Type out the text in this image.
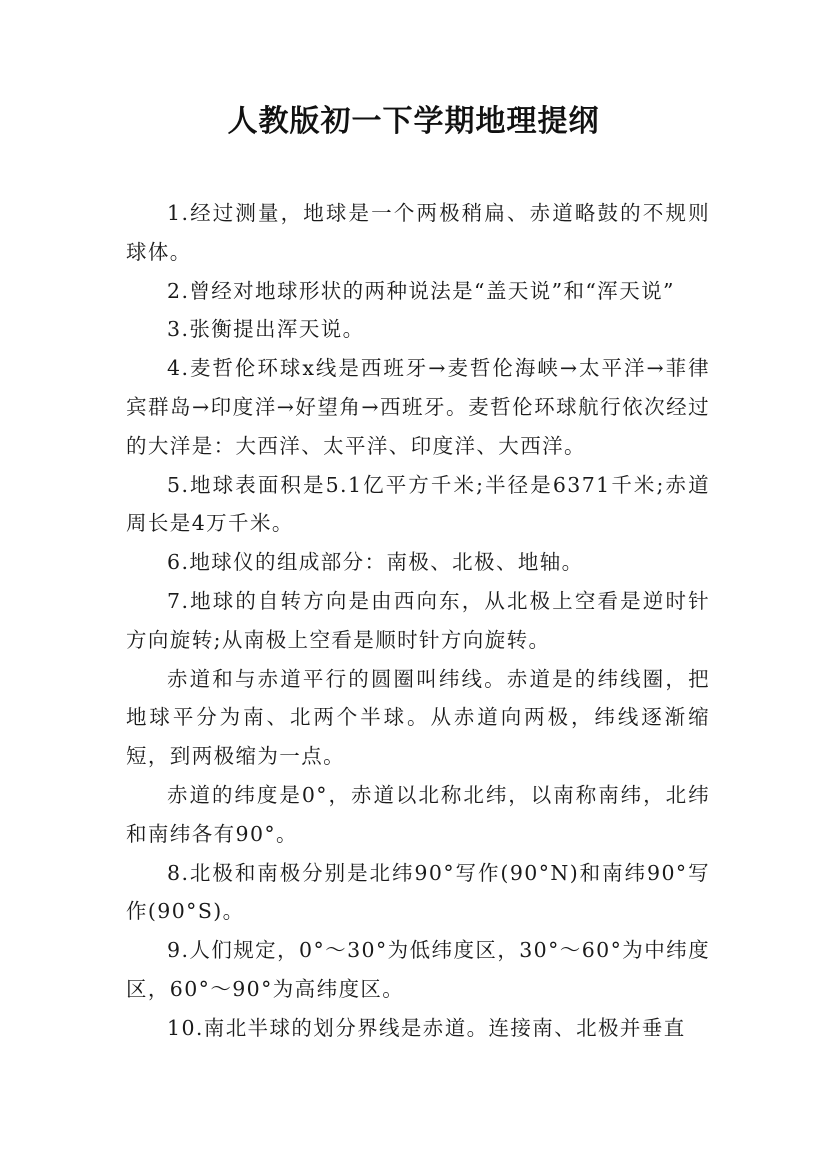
人教版初一下学期地理提纲

1.经过测量，地球是一个两极稍扁、赤道略鼓的不规则球体。

2.曾经对地球形状的两种说法是“盖天说”和“浑天说”

3.张衡提出浑天说。

4.麦哲伦环球x线是西班牙→麦哲伦海峡→太平洋→菲律宾群岛→印度洋→好望角→西班牙。麦哲伦环球航行依次经过的大洋是：大西洋、太平洋、印度洋、大西洋。

5.地球表面积是5.1亿平方千米;半径是6371千米;赤道周长是4万千米。

6.地球仪的组成部分：南极、北极、地轴。

7.地球的自转方向是由西向东，从北极上空看是逆时针方向旋转;从南极上空看是顺时针方向旋转。

赤道和与赤道平行的圆圈叫纬线。赤道是的纬线圈，把地球平分为南、北两个半球。从赤道向两极，纬线逐渐缩短，到两极缩为一点。

赤道的纬度是0°，赤道以北称北纬，以南称南纬，北纬和南纬各有90°。

8.北极和南极分别是北纬90°写作(90°N)和南纬90°写作(90°S)。

9.人们规定，0°～30°为低纬度区，30°～60°为中纬度区，60°～90°为高纬度区。

10.南北半球的划分界线是赤道。连接南、北极并垂直
